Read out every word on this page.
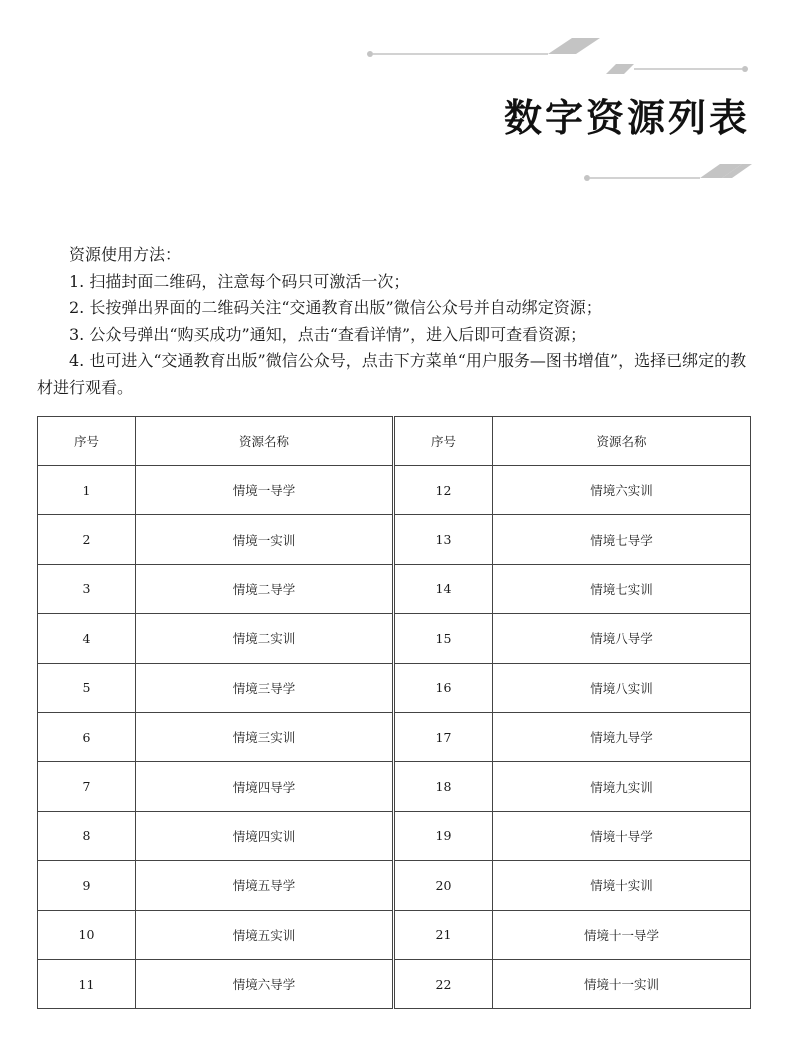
数字资源列表

资源使用方法：

1. 扫描封面二维码，注意每个码只可激活一次；

2. 长按弹出界面的二维码关注“交通教育出版”微信公众号并自动绑定资源；

3. 公众号弹出“购买成功”通知，点击“查看详情”，进入后即可查看资源；

4. 也可进入“交通教育出版”微信公众号，点击下方菜单“用户服务—图书增值”，选择已绑定的教材进行观看。

序号	资源名称	序号	资源名称
1	情境一导学	12	情境六实训
2	情境一实训	13	情境七导学
3	情境二导学	14	情境七实训
4	情境二实训	15	情境八导学
5	情境三导学	16	情境八实训
6	情境三实训	17	情境九导学
7	情境四导学	18	情境九实训
8	情境四实训	19	情境十导学
9	情境五导学	20	情境十实训
10	情境五实训	21	情境十一导学
11	情境六导学	22	情境十一实训
